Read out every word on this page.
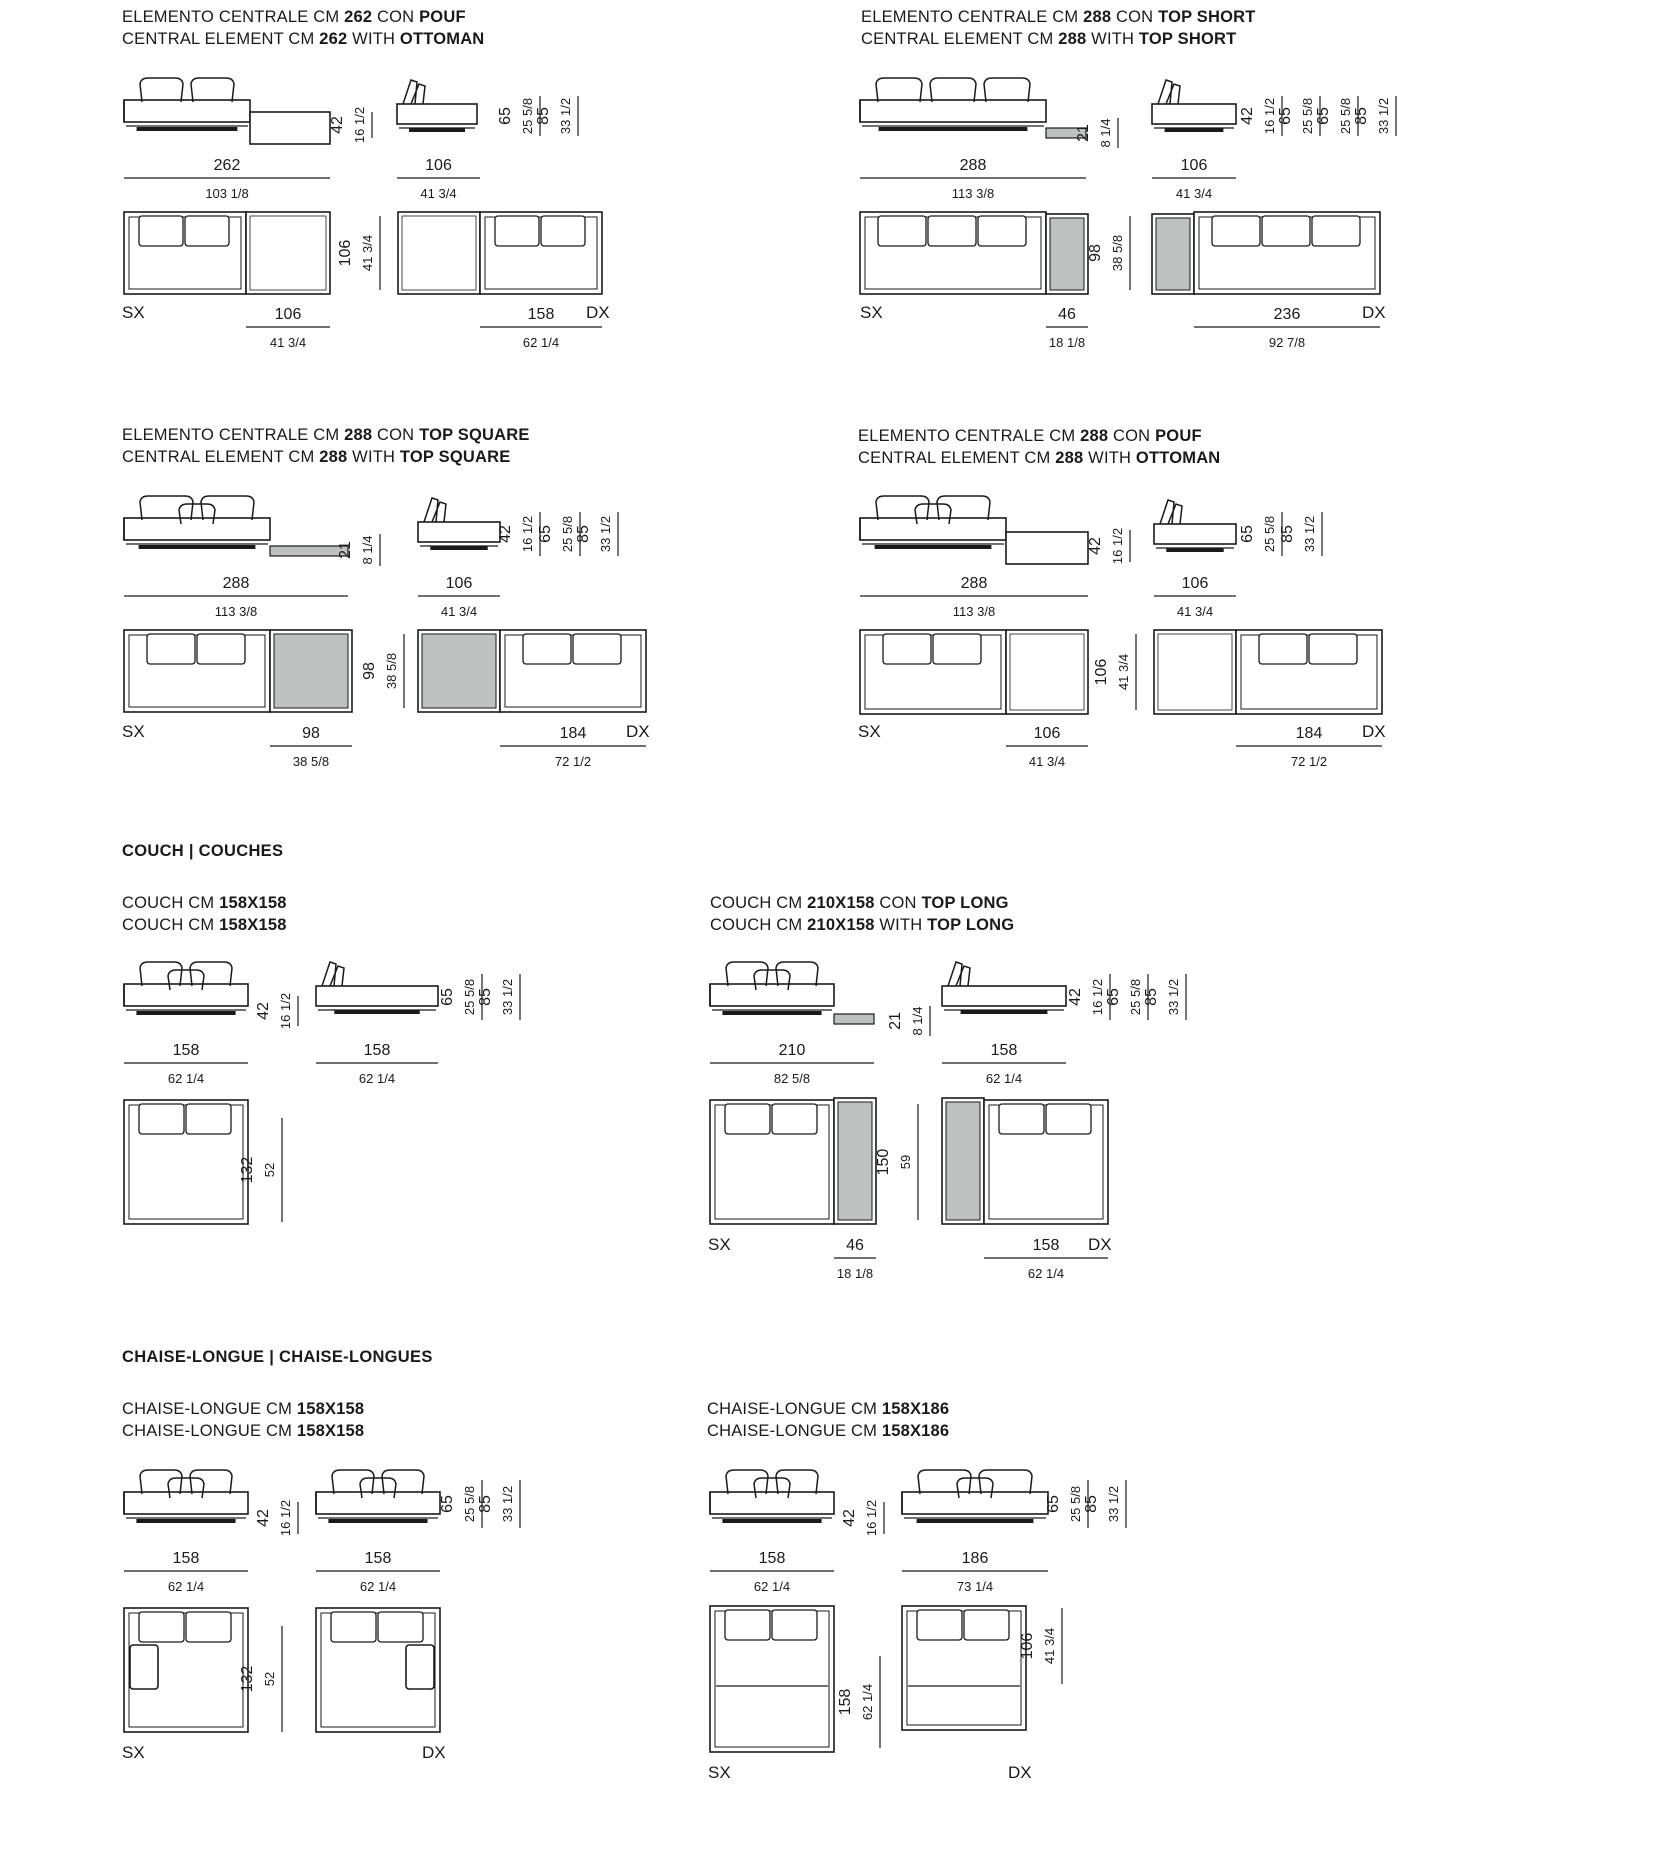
ELEMENTO CENTRALE CM 262 CON POUF
CENTRAL ELEMENT CM 262 WITH OTTOMAN
ELEMENTO CENTRALE CM 288 CON TOP SHORT
CENTRAL ELEMENT CM 288 WITH TOP SHORT
ELEMENTO CENTRALE CM 288 CON TOP SQUARE
CENTRAL ELEMENT CM 288 WITH TOP SQUARE
ELEMENTO CENTRALE CM 288 CON POUF
CENTRAL ELEMENT CM 288 WITH OTTOMAN
COUCH | COUCHES
COUCH CM 158X158
COUCH CM 158X158
COUCH CM 210X158 CON TOP LONG
COUCH CM 210X158 WITH TOP LONG
CHAISE-LONGUE | CHAISE-LONGUES
CHAISE-LONGUE CM 158X158
CHAISE-LONGUE CM 158X158
CHAISE-LONGUE CM 158X186
CHAISE-LONGUE CM 158X186
262
103 1/8
42 16 1/2
106
41 3/4
65 25 5/8 85 33 1/2
106 41 3/4
SX	DX
106
41 3/4
158
62 1/4
288
113 3/8
21 8 1/4
106
41 3/4
42 16 1/2 65 25 5/8 65 25 5/8 85 33 1/2
98 38 5/8
SX	DX
46
18 1/8
236
92 7/8
288
113 3/8
21 8 1/4
106
41 3/4
42 16 1/2 65 25 5/8 85 33 1/2
98 38 5/8
SX	DX
98
38 5/8
184
72 1/2
288
113 3/8
42 16 1/2
106
41 3/4
65 25 5/8 85 33 1/2
106 41 3/4
SX	DX
106
41 3/4
184
72 1/2
158
62 1/4
42 16 1/2
158
62 1/4
65 25 5/8 85 33 1/2
132 52
210
82 5/8
21 8 1/4
158
62 1/4
42 16 1/2 65 25 5/8 85 33 1/2
150 59
SX	DX
46
18 1/8
158
62 1/4
158
62 1/4
42 16 1/2
158
62 1/4
65 25 5/8 85 33 1/2
132 52
SX	DX
158
62 1/4
42 16 1/2
186
73 1/4
65 25 5/8 85 33 1/2
158 62 1/4
106 41 3/4
SX	DX
